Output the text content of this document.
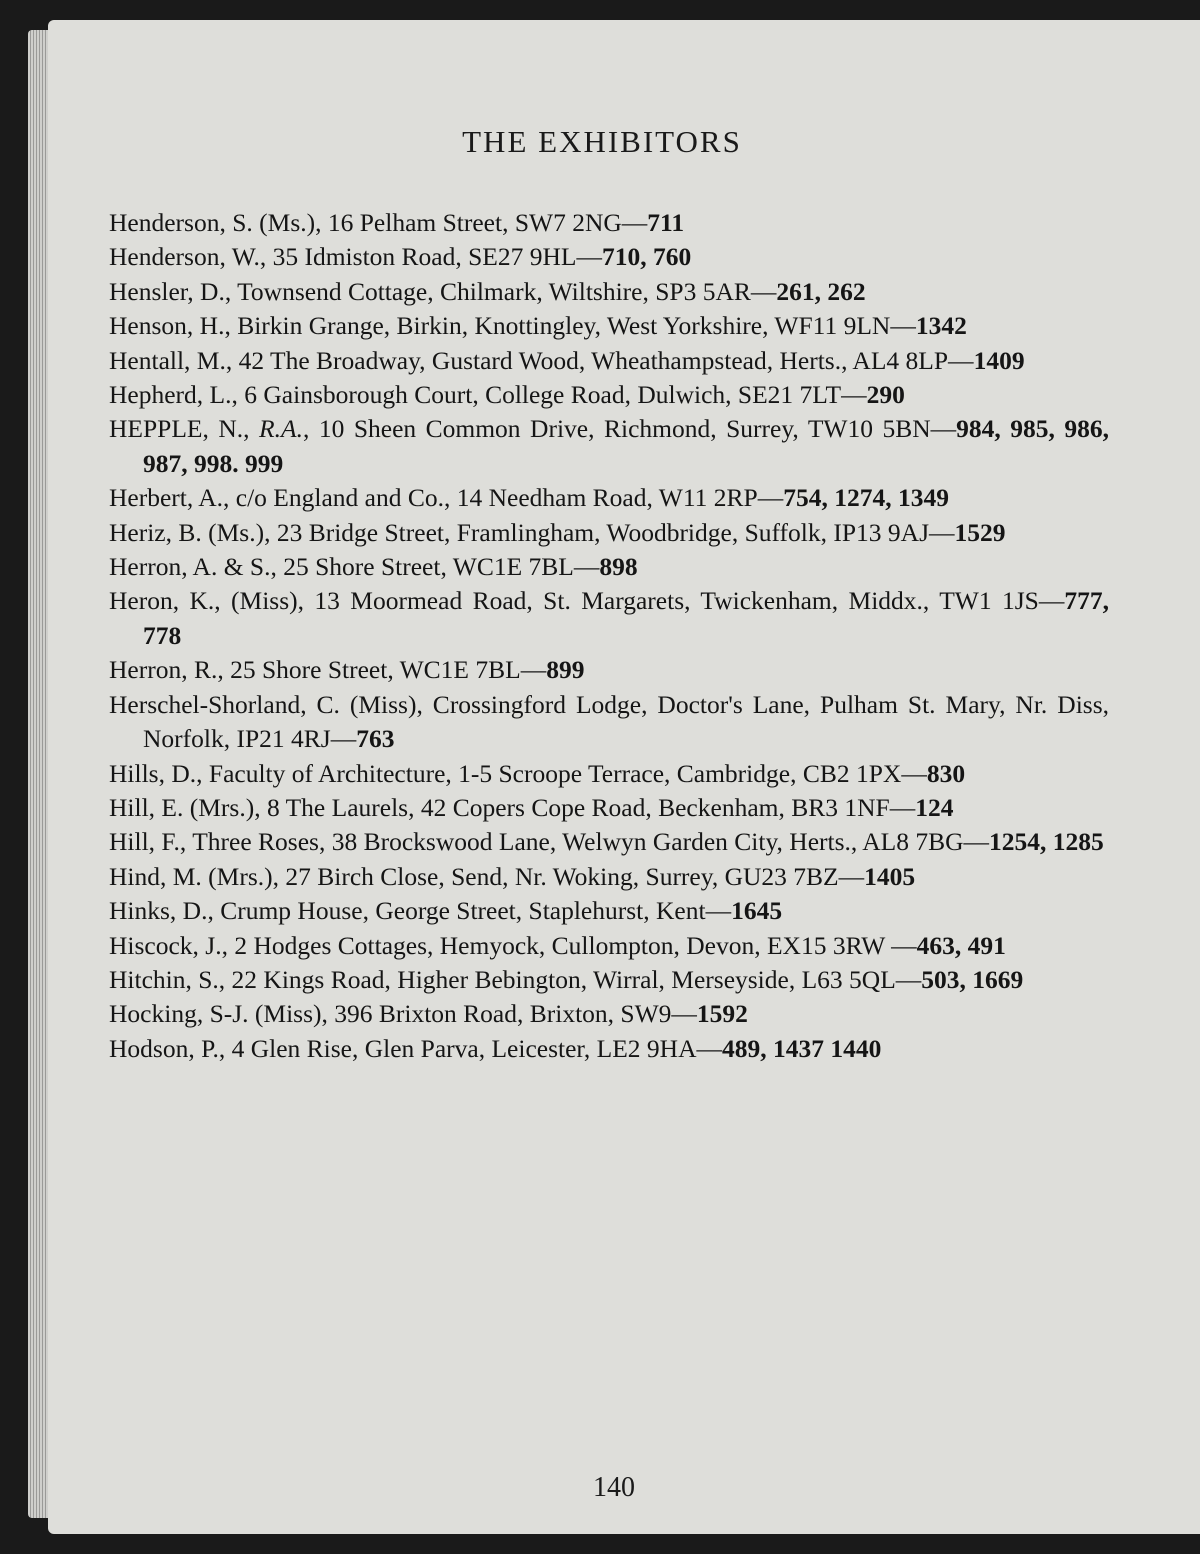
THE EXHIBITORS
Henderson, S. (Ms.), 16 Pelham Street, SW7 2NG—711
Henderson, W., 35 Idmiston Road, SE27 9HL—710, 760
Hensler, D., Townsend Cottage, Chilmark, Wiltshire, SP3 5AR—261, 262
Henson, H., Birkin Grange, Birkin, Knottingley, West Yorkshire, WF11 9LN—1342
Hentall, M., 42 The Broadway, Gustard Wood, Wheathampstead, Herts., AL4 8LP—1409
Hepherd, L., 6 Gainsborough Court, College Road, Dulwich, SE21 7LT—290
HEPPLE, N., R.A., 10 Sheen Common Drive, Richmond, Surrey, TW10 5BN—984, 985, 986, 987, 998. 999
Herbert, A., c/o England and Co., 14 Needham Road, W11 2RP—754, 1274, 1349
Heriz, B. (Ms.), 23 Bridge Street, Framlingham, Woodbridge, Suffolk, IP13 9AJ—1529
Herron, A. & S., 25 Shore Street, WC1E 7BL—898
Heron, K., (Miss), 13 Moormead Road, St. Margarets, Twickenham, Middx., TW1 1JS—777, 778
Herron, R., 25 Shore Street, WC1E 7BL—899
Herschel-Shorland, C. (Miss), Crossingford Lodge, Doctor's Lane, Pulham St. Mary, Nr. Diss, Norfolk, IP21 4RJ—763
Hills, D., Faculty of Architecture, 1-5 Scroope Terrace, Cambridge, CB2 1PX—830
Hill, E. (Mrs.), 8 The Laurels, 42 Copers Cope Road, Beckenham, BR3 1NF—124
Hill, F., Three Roses, 38 Brockswood Lane, Welwyn Garden City, Herts., AL8 7BG—1254, 1285
Hind, M. (Mrs.), 27 Birch Close, Send, Nr. Woking, Surrey, GU23 7BZ—1405
Hinks, D., Crump House, George Street, Staplehurst, Kent—1645
Hiscock, J., 2 Hodges Cottages, Hemyock, Cullompton, Devon, EX15 3RW —463, 491
Hitchin, S., 22 Kings Road, Higher Bebington, Wirral, Merseyside, L63 5QL—503, 1669
Hocking, S-J. (Miss), 396 Brixton Road, Brixton, SW9—1592
Hodson, P., 4 Glen Rise, Glen Parva, Leicester, LE2 9HA—489, 1437 1440
140
